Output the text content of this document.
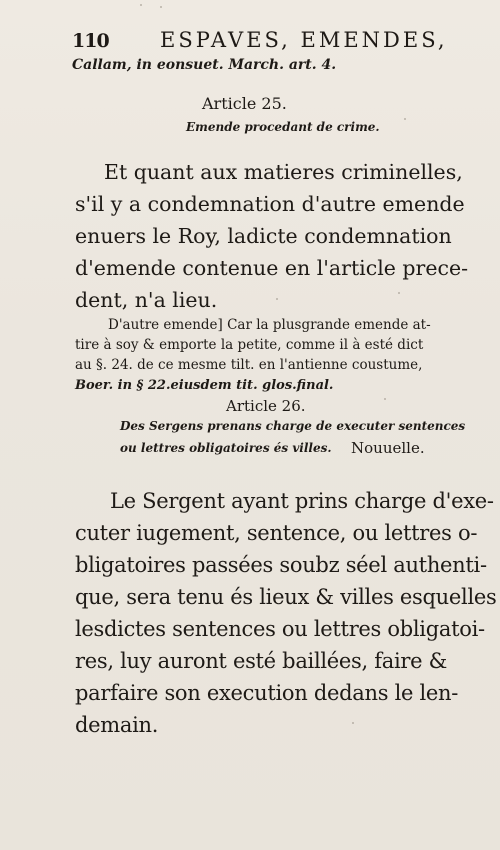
110 ESPAVES, EMENDES,
Callam, in eonsuet. March. art. 4.
Article 25.
Emende procedant de crime.
Et quant aux matieres criminelles,
s'il y a condemnation d'autre emende
enuers le Roy, ladicte condemnation
d'emende contenue en l'article prece-
dent, n'a lieu.
D'autre emende] Car la plusgrande emende at-
tire à soy & emporte la petite, comme il à esté dict
au §. 24. de ce mesme tilt. en l'antienne coustume,
Boer. in § 22.eiusdem tit. glos.final.
Article 26.
Des Sergens prenans charge de executer sentences
ou lettres obligatoires és villes. Nouuelle.
Le Sergent ayant prins charge d'exe-
cuter iugement, sentence, ou lettres o-
bligatoires passées soubz séel authenti-
que, sera tenu és lieux & villes esquelles
lesdictes sentences ou lettres obligatoi-
res, luy auront esté baillées, faire &
parfaire son execution dedans le len-
demain.
